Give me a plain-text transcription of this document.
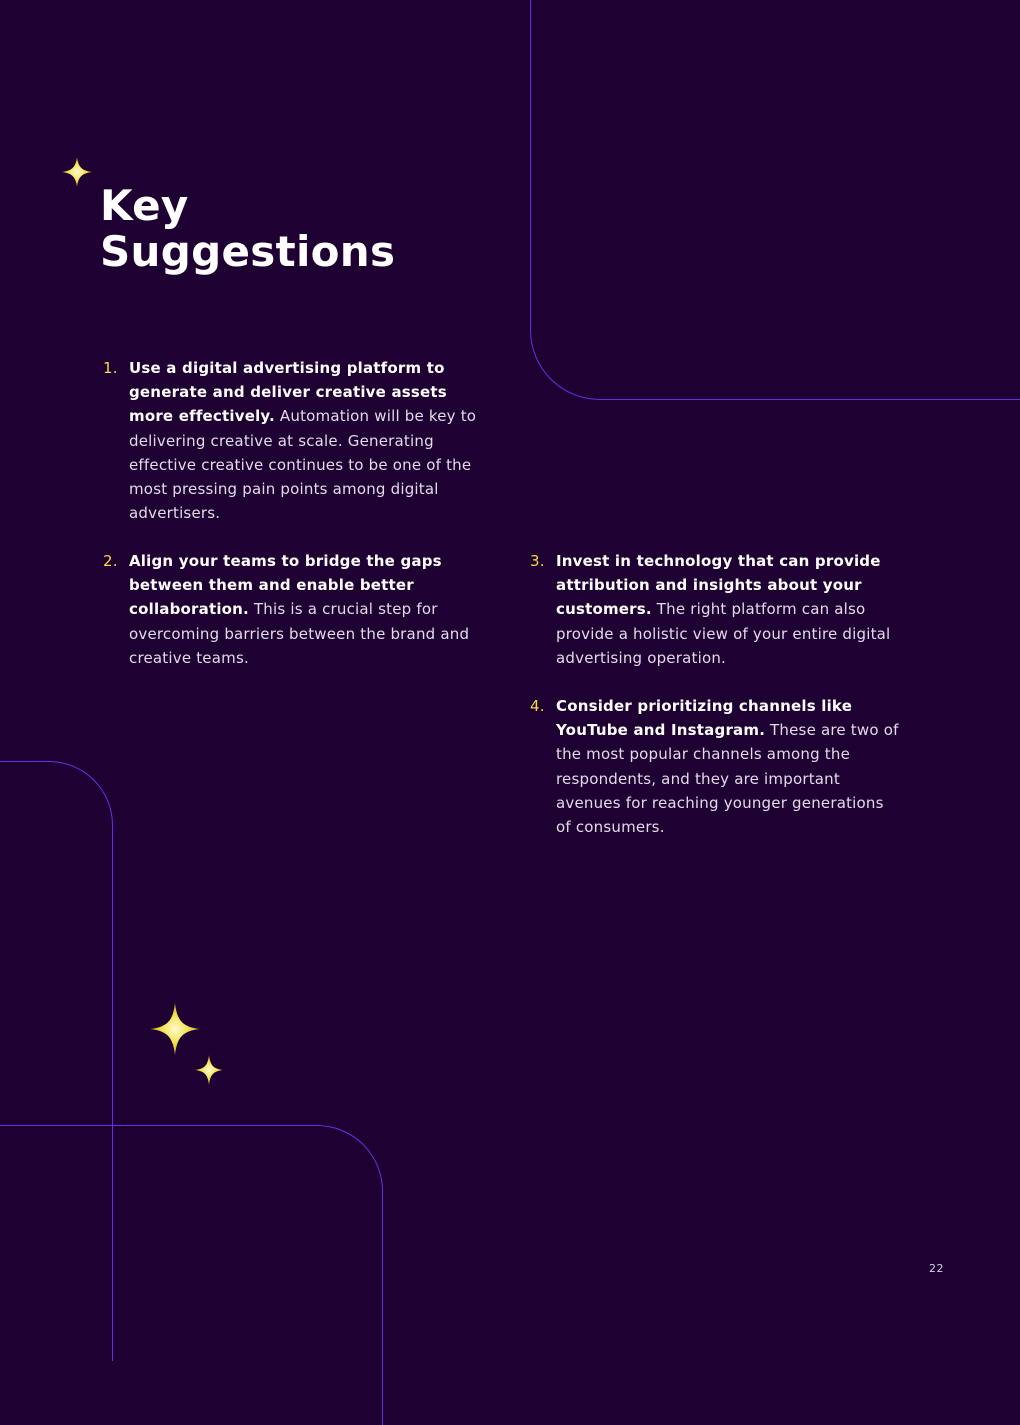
Key
Suggestions
1. Use a digital advertising platform to generate and deliver creative assets more effectively. Automation will be key to delivering creative at scale. Generating effective creative continues to be one of the most pressing pain points among digital advertisers.
2. Align your teams to bridge the gaps between them and enable better collaboration. This is a crucial step for overcoming barriers between the brand and creative teams.
3. Invest in technology that can provide attribution and insights about your customers. The right platform can also provide a holistic view of your entire digital advertising operation.
4. Consider prioritizing channels like YouTube and Instagram. These are two of the most popular channels among the respondents, and they are important avenues for reaching younger generations of consumers.
22
